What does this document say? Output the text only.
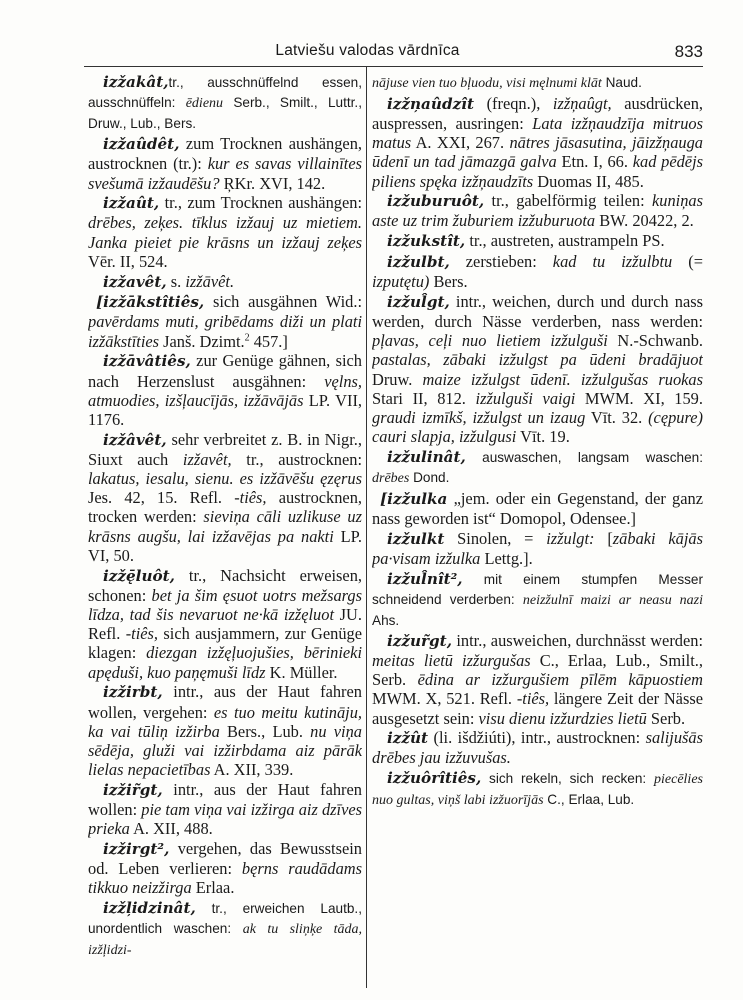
Latviešu valodas vārdnīca	833

izžakât,tr., ausschnüffelnd essen, ausschnüffeln: ēdienu Serb., Smilt., Luttr., Druw., Lub., Bers.

izžaûdêt, zum Trocknen aushängen, austrocknen (tr.): kur es savas villainītes svešumā izžaudēšu? ŖKr. XVI, 142.

izžaût, tr., zum Trocknen aushängen: drēbes, zeķes. tīklus izžauj uz mietiem. Janka pieiet pie krāsns un izžauj zeķes Vēr. II, 524.

izžavêt, s. izžāvêt.

[izžākstîtiês, sich ausgähnen Wid.: pavērdams muti, gribēdams diži un plati izžākstīties Janš. Dzimt.$^2$ 457.]

izžāvâtiês, zur Genüge gähnen, sich nach Herzenslust ausgähnen: vęlns, atmuodies, izšļaucījās, izžāvājās LP. VII, 1176.

izžâvêt, sehr verbreitet z. B. in Nigr., Siuxt auch izžavêt, tr., austrocknen: lakatus, iesalu, sienu. es izžāvēšu ęzęrus Jes. 42, 15. Refl. -tiês, austrocknen, trocken werden: sieviņa cāli uzlikuse uz krāsns augšu, lai izžavējas pa nakti LP. VI, 50.

izžę̄luôt, tr., Nachsicht erweisen, schonen: bet ja šim ęsuot uotrs mežsargs līdza, tad šis nevaruot ne·kā izžęluot JU. Refl. -tiês, sich ausjammern, zur Genüge klagen: diezgan izžęļuojušies, bērinieki apęduši, kuo paņęmuši līdz K. Müller.

izžirbt, intr., aus der Haut fahren wollen, vergehen: es tuo meitu kutināju, ka vai tūliņ izžirba Bers., Lub. nu viņa sēdēja, gluži vai izžirbdama aiz pārāk lielas nepacietības A. XII, 339.

izžir̃gt, intr., aus der Haut fahren wollen: pie tam viņa vai izžirga aiz dzīves prieka A. XII, 488.

izžirgt², vergehen, das Bewusstsein od. Leben verlieren: bęrns raudādams tikkuo neizžirga Erlaa.

izžļidzinât, tr., erweichen Lautb., unordentlich waschen: ak tu sliņķe tāda, izžļidzi-

nājuse vien tuo bļuodu, visi męlnumi klāt Naud.

izžņaûdzît (freqn.), izžņaûgt, ausdrücken, auspressen, ausringen: Lata izžņaudzīja mitruos matus A. XXI, 267. nātres jāsasutina, jāizžņauga ūdenī un tad jāmazgā galva Etn. I, 66. kad pēdējs piliens spęka izžņaudzīts Duomas II, 485.

izžuburuôt, tr., gabelförmig teilen: kuniņas aste uz trim žuburiem izžuburuota BW. 20422, 2.

izžukstît, tr., austreten, austrampeln PS.

izžulbt, zerstieben: kad tu izžulbtu (= izputętu) Bers.

izžul̂gt, intr., weichen, durch und durch nass werden, durch Nässe verderben, nass werden: pļavas, ceļi nuo lietiem izžulguši N.-Schwanb. pastalas, zābaki izžulgst pa ūdeni bradājuot Druw. maize izžulgst ūdenī. izžulgušas ruokas Stari II, 812. izžulguši vaigi MWM. XI, 159. graudi izmīkš, izžulgst un izaug Vīt. 32. (cępure) cauri slapja, izžulgusi Vīt. 19.

izžulinât, auswaschen, langsam waschen: drēbes Dond.

[izžulka „jem. oder ein Gegenstand, der ganz nass geworden ist“ Domopol, Odensee.]

izžulkt Sinolen, = izžulgt: [zābaki kājās pa·visam izžulka Lettg.].

izžul̂nît², mit einem stumpfen Messer schneidend verderben: neizžulnī maizi ar neasu nazi Ahs.

izžur̃gt, intr., ausweichen, durchnässt werden: meitas lietū izžurgušas C., Erlaa, Lub., Smilt., Serb. ēdina ar izžurgušiem pīlēm kāpuostiem MWM. X, 521. Refl. -tiês, längere Zeit der Nässe ausgesetzt sein: visu dienu izžurdzies lietū Serb.

izžût (li. išdžiúti), intr., austrocknen: salijušās drēbes jau izžuvušas.

izžuôrîtiês, sich rekeln, sich recken: piecēlies nuo gultas, viņš labi izžuorījās C., Erlaa, Lub.
